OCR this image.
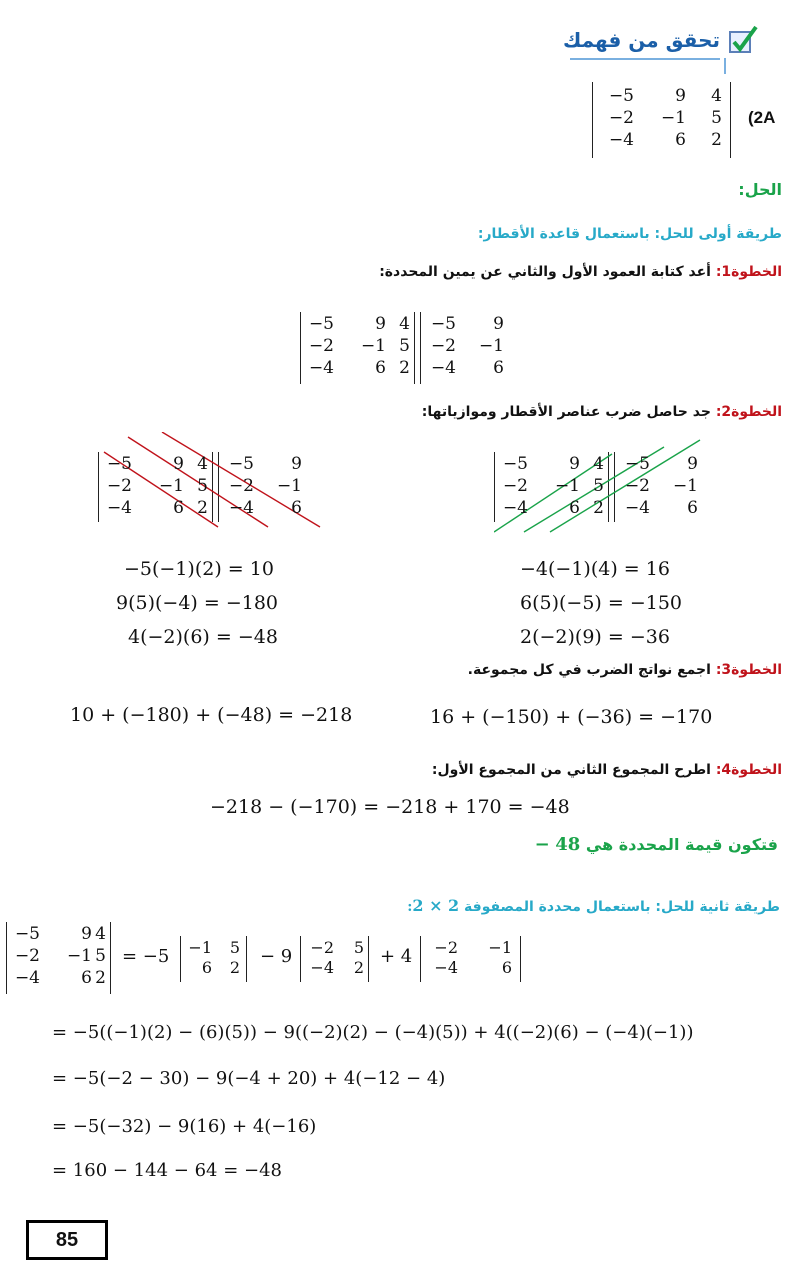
تحقق من فهمك
−5	9	4
−2	−1	5
−4	6	2
(2A
الحل:
طريقة أولى للحل: باستعمال قاعدة الأقطار:
الخطوة1: أعد كتابة العمود الأول والثاني عن يمين المحددة:
−5	9 4	−5	9
−2	−1 5	−2	−1
−4	6 2	−4	6
الخطوة2: جد حاصل ضرب عناصر الأقطار وموازياتها:
−5	9 4	−5	9
−2	−1 5	−2	−1
−4	6 2	−4	6
−5	9 4	−5	9
−2	−1 5	−2	−1
−4	6 2	−4	6
−5(−1)(2) = 10
9(5)(−4) = −180
4(−2)(6) = −48
−4(−1)(4) = 16
6(5)(−5) = −150
2(−2)(9) = −36
الخطوة3: اجمع نواتج الضرب في كل مجموعة.
10 + (−180) + (−48) = −218	16 + (−150) + (−36) = −170
الخطوة4: اطرح المجموع الثاني من المجموع الأول:
−218 − (−170) = −218 + 170 = −48
فتكون قيمة المحددة هي 48 −
طريقة ثانية للحل: باستعمال محددة المصفوفة 2 × 2:
−5	9 4
−2	−1 5
−4	6 2
= −5 −1	5
6	2
− 9	−2	5
−4	2
+ 4	−2	−1
−4	6
= −5((−1)(2) − (6)(5)) − 9((−2)(2) − (−4)(5)) + 4((−2)(6) − (−4)(−1))
= −5(−2 − 30) − 9(−4 + 20) + 4(−12 − 4)
= −5(−32) − 9(16) + 4(−16)
= 160 − 144 − 64 = −48
85
